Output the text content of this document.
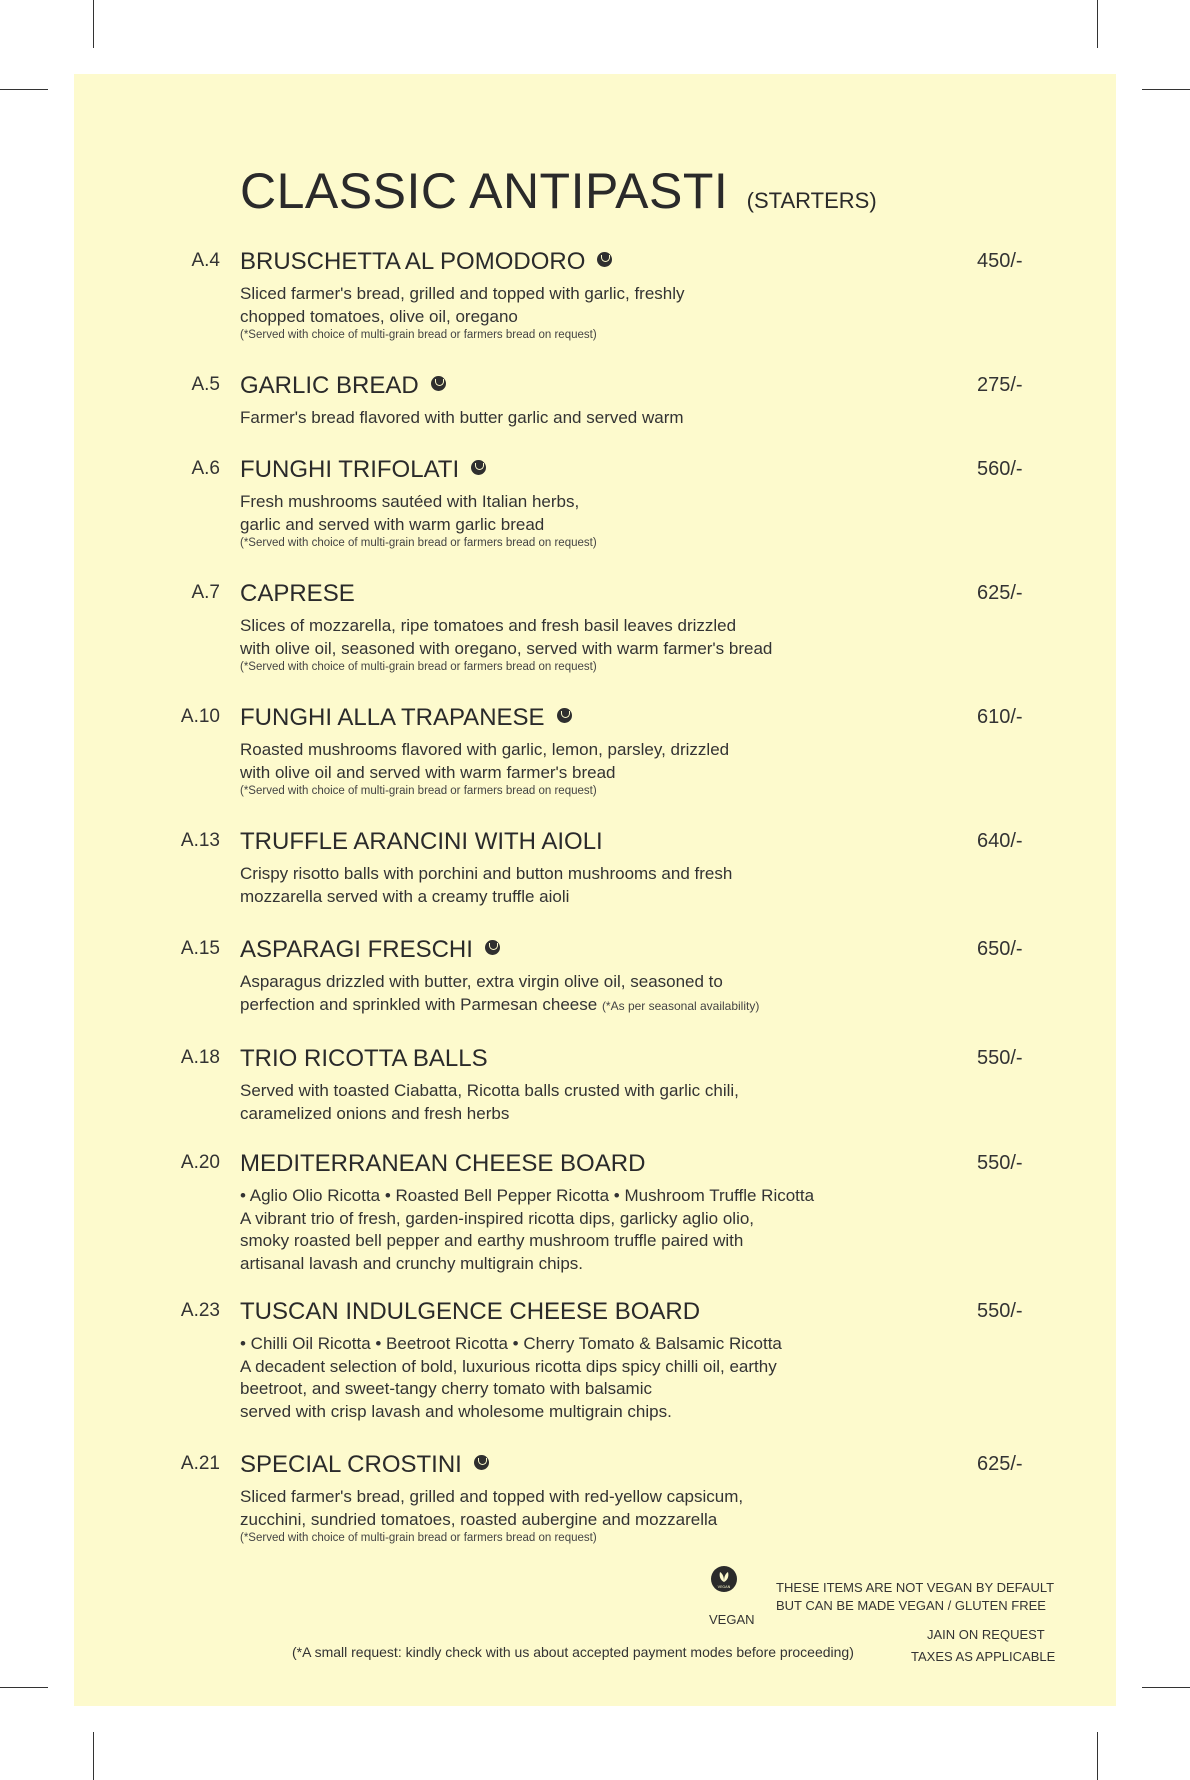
CLASSIC ANTIPASTI (STARTERS)
A.4 BRUSCHETTA AL POMODORO	450/-
Sliced farmer's bread, grilled and topped with garlic, freshly
chopped tomatoes, olive oil, oregano
(*Served with choice of multi-grain bread or farmers bread on request)
A.5 GARLIC BREAD	275/-
Farmer's bread flavored with butter garlic and served warm
A.6 FUNGHI TRIFOLATI	560/-
Fresh mushrooms sautéed with Italian herbs,
garlic and served with warm garlic bread
(*Served with choice of multi-grain bread or farmers bread on request)
A.7 CAPRESE	625/-
Slices of mozzarella, ripe tomatoes and fresh basil leaves drizzled
with olive oil, seasoned with oregano, served with warm farmer's bread
(*Served with choice of multi-grain bread or farmers bread on request)
A.10 FUNGHI ALLA TRAPANESE	610/-
Roasted mushrooms flavored with garlic, lemon, parsley, drizzled
with olive oil and served with warm farmer's bread
(*Served with choice of multi-grain bread or farmers bread on request)
A.13 TRUFFLE ARANCINI WITH AIOLI	640/-
Crispy risotto balls with porchini and button mushrooms and fresh
mozzarella served with a creamy truffle aioli
A.15 ASPARAGI FRESCHI	650/-
Asparagus drizzled with butter, extra virgin olive oil, seasoned to
perfection and sprinkled with Parmesan cheese (*As per seasonal availability)
A.18 TRIO RICOTTA BALLS	550/-
Served with toasted Ciabatta, Ricotta balls crusted with garlic chili,
caramelized onions and fresh herbs
A.20 MEDITERRANEAN CHEESE BOARD	550/-
• Aglio Olio Ricotta • Roasted Bell Pepper Ricotta • Mushroom Truffle Ricotta
A vibrant trio of fresh, garden-inspired ricotta dips, garlicky aglio olio,
smoky roasted bell pepper and earthy mushroom truffle paired with
artisanal lavash and crunchy multigrain chips.
A.23 TUSCAN INDULGENCE CHEESE BOARD	550/-
• Chilli Oil Ricotta • Beetroot Ricotta • Cherry Tomato & Balsamic Ricotta
A decadent selection of bold, luxurious ricotta dips spicy chilli oil, earthy
beetroot, and sweet-tangy cherry tomato with balsamic
served with crisp lavash and wholesome multigrain chips.
A.21 SPECIAL CROSTINI	625/-
Sliced farmer's bread, grilled and topped with red-yellow capsicum,
zucchini, sundried tomatoes, roasted aubergine and mozzarella
(*Served with choice of multi-grain bread or farmers bread on request)
VEGAN
VEGAN
THESE ITEMS ARE NOT VEGAN BY DEFAULT
BUT CAN BE MADE VEGAN / GLUTEN FREE
JAIN ON REQUEST
TAXES AS APPLICABLE
(*A small request: kindly check with us about accepted payment modes before proceeding)
